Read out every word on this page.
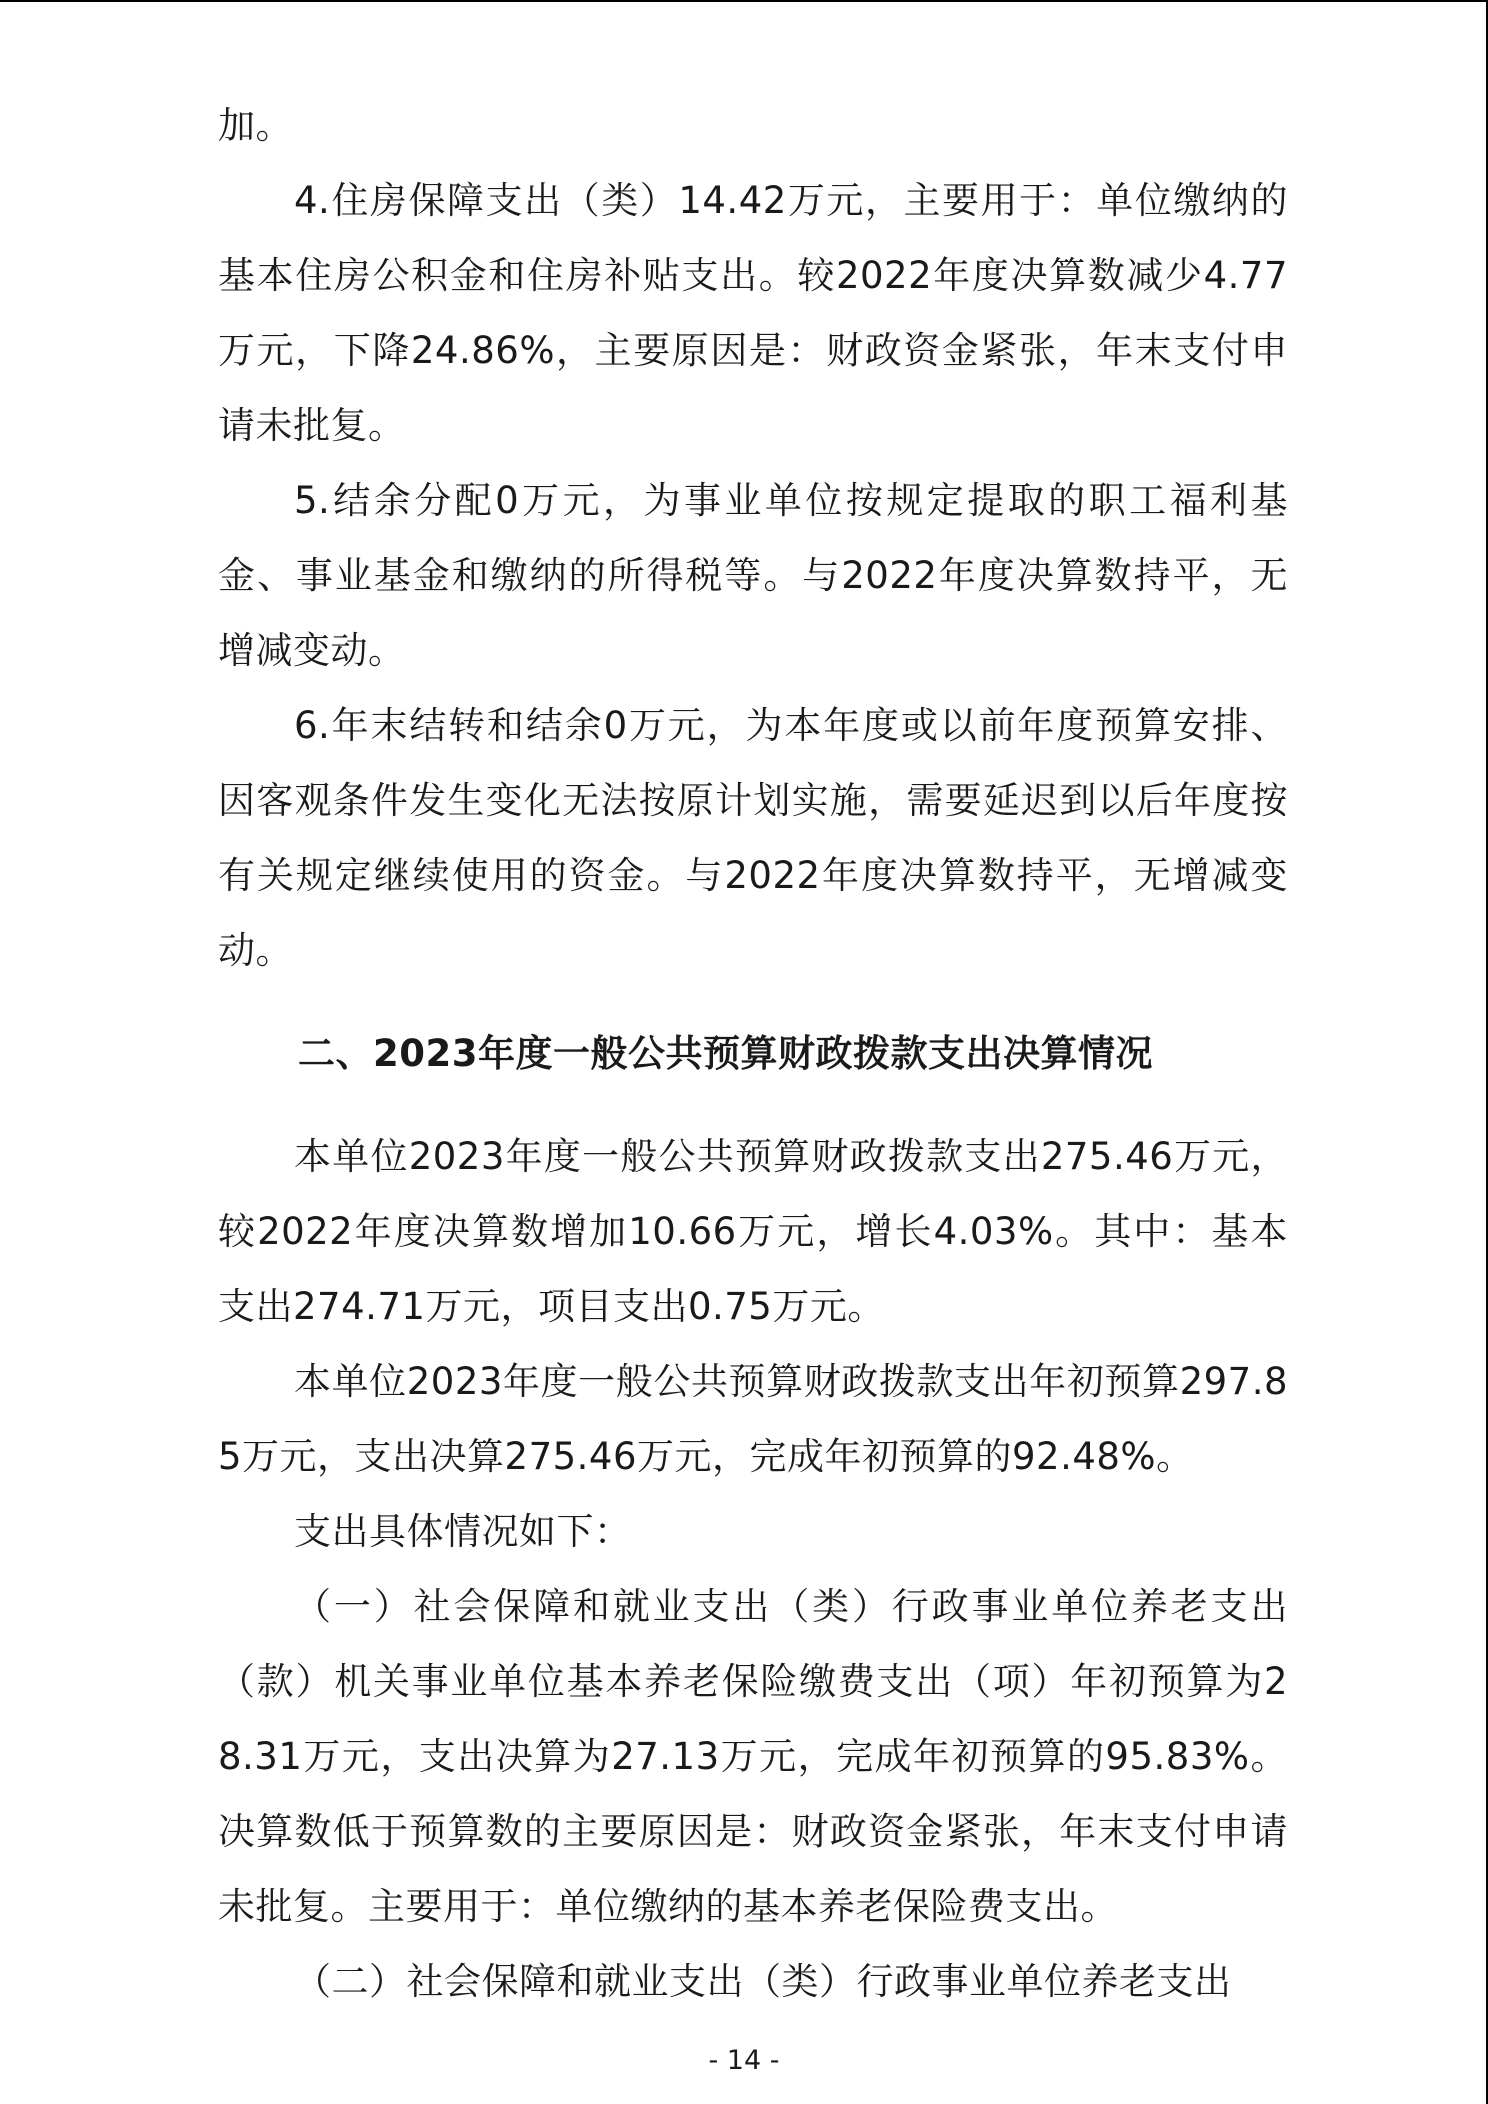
加。

4.住房保障支出（类）14.42万元，主要用于：单位缴纳的基本住房公积金和住房补贴支出。较2022年度决算数减少4.77万元，下降24.86%，主要原因是：财政资金紧张，年末支付申请未批复。

5.结余分配0万元，为事业单位按规定提取的职工福利基金、事业基金和缴纳的所得税等。与2022年度决算数持平，无增减变动。

6.年末结转和结余0万元，为本年度或以前年度预算安排、因客观条件发生变化无法按原计划实施，需要延迟到以后年度按有关规定继续使用的资金。与2022年度决算数持平，无增减变动。

二、2023年度一般公共预算财政拨款支出决算情况

本单位2023年度一般公共预算财政拨款支出275.46万元，较2022年度决算数增加10.66万元，增长4.03%。其中：基本支出274.71万元，项目支出0.75万元。

本单位2023年度一般公共预算财政拨款支出年初预算297.85万元，支出决算275.46万元，完成年初预算的92.48%。

支出具体情况如下：

（一）社会保障和就业支出（类）行政事业单位养老支出（款）机关事业单位基本养老保险缴费支出（项）年初预算为28.31万元，支出决算为27.13万元，完成年初预算的95.83%。决算数低于预算数的主要原因是：财政资金紧张，年末支付申请未批复。主要用于：单位缴纳的基本养老保险费支出。

（二）社会保障和就业支出（类）行政事业单位养老支出

- 14 -
